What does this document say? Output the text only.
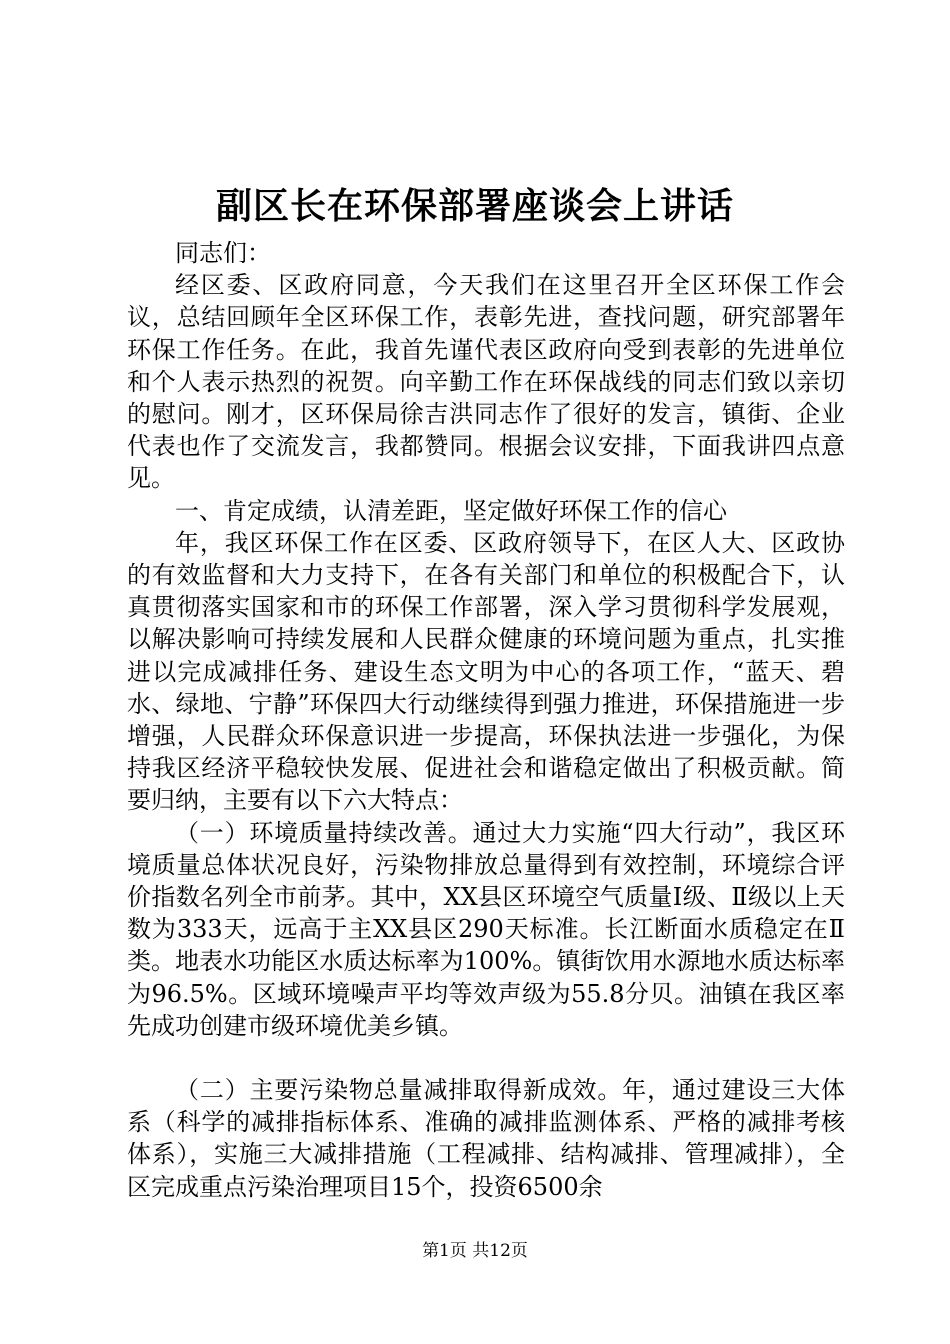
副区长在环保部署座谈会上讲话

同志们：

经区委、区政府同意，今天我们在这里召开全区环保工作会议，总结回顾年全区环保工作，表彰先进，查找问题，研究部署年环保工作任务。在此，我首先谨代表区政府向受到表彰的先进单位和个人表示热烈的祝贺。向辛勤工作在环保战线的同志们致以亲切的慰问。刚才，区环保局徐吉洪同志作了很好的发言，镇街、企业代表也作了交流发言，我都赞同。根据会议安排，下面我讲四点意见。

一、肯定成绩，认清差距，坚定做好环保工作的信心

年，我区环保工作在区委、区政府领导下，在区人大、区政协的有效监督和大力支持下，在各有关部门和单位的积极配合下，认真贯彻落实国家和市的环保工作部署，深入学习贯彻科学发展观，以解决影响可持续发展和人民群众健康的环境问题为重点，扎实推进以完成减排任务、建设生态文明为中心的各项工作，“蓝天、碧水、绿地、宁静”环保四大行动继续得到强力推进，环保措施进一步增强，人民群众环保意识进一步提高，环保执法进一步强化，为保持我区经济平稳较快发展、促进社会和谐稳定做出了积极贡献。简要归纳，主要有以下六大特点：

（一）环境质量持续改善。通过大力实施“四大行动”，我区环境质量总体状况良好，污染物排放总量得到有效控制，环境综合评价指数名列全市前茅。其中，XX县区环境空气质量Ⅰ级、Ⅱ级以上天数为333天，远高于主XX县区290天标准。长江断面水质稳定在Ⅱ类。地表水功能区水质达标率为100%。镇街饮用水源地水质达标率为96.5%。区域环境噪声平均等效声级为55.8分贝。油镇在我区率先成功创建市级环境优美乡镇。

（二）主要污染物总量减排取得新成效。年，通过建设三大体系（科学的减排指标体系、准确的减排监测体系、严格的减排考核体系），实施三大减排措施（工程减排、结构减排、管理减排），全区完成重点污染治理项目15个，投资6500余

第1页 共12页
